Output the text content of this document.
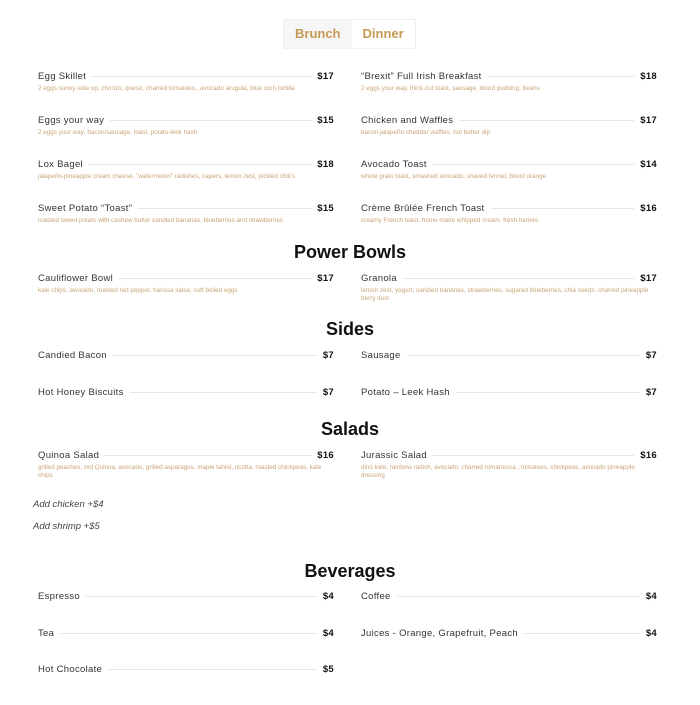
Brunch	Dinner
Egg Skillet	$17
2 eggs sunny-side up, chorizo, queso, charred tomatoes,, avocado arugula, blue corn tortilla
“Brexit” Full Irish Breakfast	$18
2 eggs your way, thick-cut toast, sausage, blood pudding, beans
Eggs your way	$15
2 eggs your way; bacon/sausage, toast, potato-leek hash
Chicken and Waffles	$17
bacon-jalapeño cheddar waffles, hot butter dip
Lox Bagel	$18
jalapeño-pineapple cream cheese, "watermelon" radishes, capers, lemon zest, pickled chili's
Avocado Toast	$14
whole grain toast, smashed avocado, shaved fennel, blood orange
Sweet Potato “Toast”	$15
roasted sweet potato with cashew butter candied bananas, blueberries and strawberries
Crème Brûlée French Toast	$16
creamy French toast, home made whipped cream, fresh berries
Power Bowls
Cauliflower Bowl	$17
kale chips, avocado, roasted red pepper, harissa salsa, soft boiled eggs
Granola	$17
lemon zest, yogurt, candied bananas, strawberries, sugared blueberries, chia seeds, charred pineapple berry dust
Sides
Candied Bacon	$7	Sausage	$7
Hot Honey Biscuits	$7	Potato – Leek Hash	$7
Salads
Quinoa Salad	$16
grilled peaches, red Quinoa, avocado, grilled asparagus, maple tahini, ricotta, roasted chickpeas, kale chips
Jurassic Salad	$16
dino kale, rainbow radish, avocado, charred romanesca , tomatoes, chickpeas, avocado pineapple dressing
Add chicken +$4
Add shrimp +$5
Beverages
Espresso	$4	Coffee	$4
Tea	$4	Juices - Orange, Grapefruit, Peach	$4
Hot Chocolate	$5
